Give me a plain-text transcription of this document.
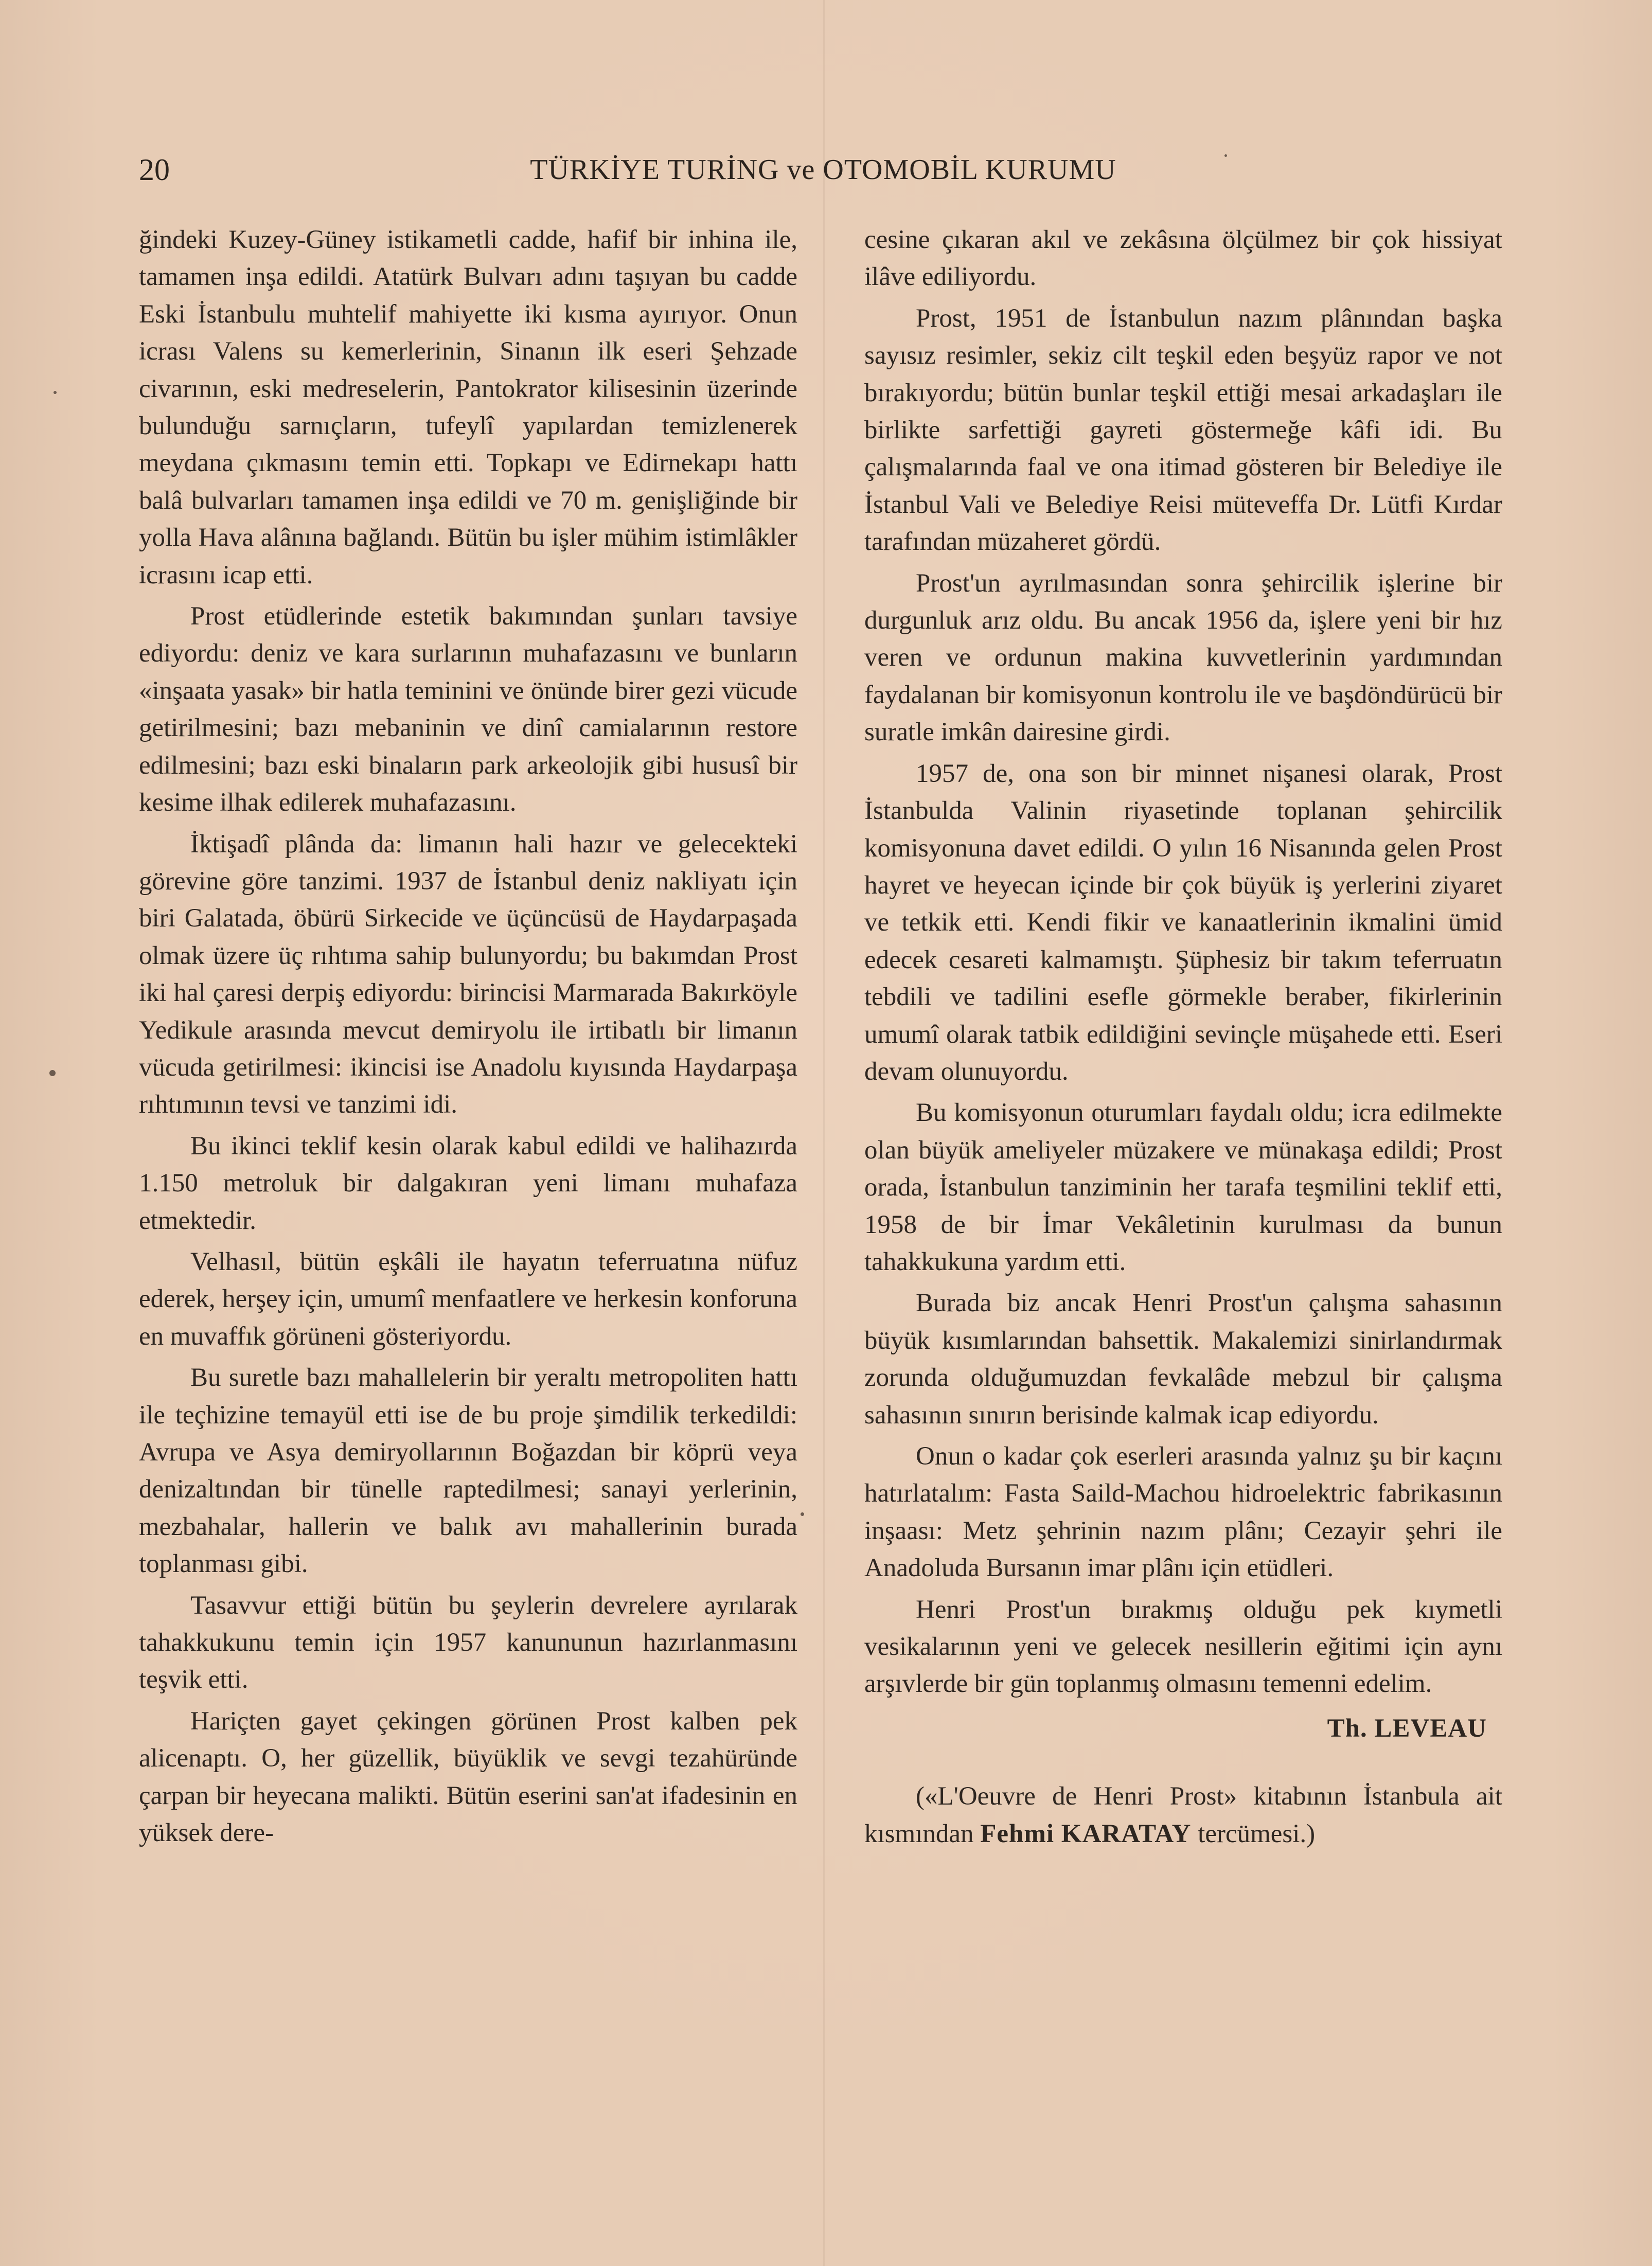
20	TÜRKİYE TURİNG ve OTOMOBİL KURUMU

ğindeki Kuzey-Güney istikametli cadde, hafif bir inhina ile, tamamen inşa edildi. Atatürk Bulvarı adını taşıyan bu cadde Eski İstanbulu muhtelif mahiyette iki kısma ayırıyor. Onun icrası Valens su kemerlerinin, Sinanın ilk eseri Şehzade civarının, eski medreselerin, Pantokrator kilisesinin üzerinde bulunduğu sarnıçların, tufeylî yapılardan temizlenerek meydana çıkmasını temin etti. Topkapı ve Edirnekapı hattı balâ bulvarları tamamen inşa edildi ve 70 m. genişliğinde bir yolla Hava alânına bağlandı. Bütün bu işler mühim istimlâkler icrasını icap etti.

Prost etüdlerinde estetik bakımından şunları tavsiye ediyordu: deniz ve kara surlarının muhafazasını ve bunların «inşaata yasak» bir hatla teminini ve önünde birer gezi vücude getirilmesini; bazı mebaninin ve dinî camialarının restore edilmesini; bazı eski binaların park arkeolojik gibi hususî bir kesime ilhak edilerek muhafazasını.

İktişadî plânda da: limanın hali hazır ve gelecekteki görevine göre tanzimi. 1937 de İstanbul deniz nakliyatı için biri Galatada, öbürü Sirkecide ve üçüncüsü de Haydarpaşada olmak üzere üç rıhtıma sahip bulunyordu; bu bakımdan Prost iki hal çaresi derpiş ediyordu: birincisi Marmarada Bakırköyle Yedikule arasında mevcut demiryolu ile irtibatlı bir limanın vücuda getirilmesi: ikincisi ise Anadolu kıyısında Haydarpaşa rıhtımının tevsi ve tanzimi idi.

Bu ikinci teklif kesin olarak kabul edildi ve halihazırda 1.150 metroluk bir dalgakıran yeni limanı muhafaza etmektedir.

Velhasıl, bütün eşkâli ile hayatın teferruatına nüfuz ederek, herşey için, umumî menfaatlere ve herkesin konforuna en muvaffık görüneni gösteriyordu.

Bu suretle bazı mahallelerin bir yeraltı metropoliten hattı ile teçhizine temayül etti ise de bu proje şimdilik terkedildi: Avrupa ve Asya demiryollarının Boğazdan bir köprü veya denizaltından bir tünelle raptedilmesi; sanayi yerlerinin, mezbahalar, hallerin ve balık avı mahallerinin burada toplanması gibi.

Tasavvur ettiği bütün bu şeylerin devrelere ayrılarak tahakkukunu temin için 1957 kanununun hazırlanmasını teşvik etti.

Hariçten gayet çekingen görünen Prost kalben pek alicenaptı. O, her güzellik, büyüklik ve sevgi tezahüründe çarpan bir heyecana malikti. Bütün eserini san'at ifadesinin en yüksek dere-

cesine çıkaran akıl ve zekâsına ölçülmez bir çok hissiyat ilâve ediliyordu.

Prost, 1951 de İstanbulun nazım plânından başka sayısız resimler, sekiz cilt teşkil eden beşyüz rapor ve not bırakıyordu; bütün bunlar teşkil ettiği mesai arkadaşları ile birlikte sarfettiği gayreti göstermeğe kâfi idi. Bu çalışmalarında faal ve ona itimad gösteren bir Belediye ile İstanbul Vali ve Belediye Reisi müteveffa Dr. Lütfi Kırdar tarafından müzaheret gördü.

Prost'un ayrılmasından sonra şehircilik işlerine bir durgunluk arız oldu. Bu ancak 1956 da, işlere yeni bir hız veren ve ordunun makina kuvvetlerinin yardımından faydalanan bir komisyonun kontrolu ile ve başdöndürücü bir suratle imkân dairesine girdi.

1957 de, ona son bir minnet nişanesi olarak, Prost İstanbulda Valinin riyasetinde toplanan şehircilik komisyonuna davet edildi. O yılın 16 Nisanında gelen Prost hayret ve heyecan içinde bir çok büyük iş yerlerini ziyaret ve tetkik etti. Kendi fikir ve kanaatlerinin ikmalini ümid edecek cesareti kalmamıştı. Şüphesiz bir takım teferruatın tebdili ve tadilini esefle görmekle beraber, fikirlerinin umumî olarak tatbik edildiğini sevinçle müşahede etti. Eseri devam olunuyordu.

Bu komisyonun oturumları faydalı oldu; icra edilmekte olan büyük ameliyeler müzakere ve münakaşa edildi; Prost orada, İstanbulun tanziminin her tarafa teşmilini teklif etti, 1958 de bir İmar Vekâletinin kurulması da bunun tahakkukuna yardım etti.

Burada biz ancak Henri Prost'un çalışma sahasının büyük kısımlarından bahsettik. Makalemizi sinirlandırmak zorunda olduğumuzdan fevkalâde mebzul bir çalışma sahasının sınırın berisinde kalmak icap ediyordu.

Onun o kadar çok eserleri arasında yalnız şu bir kaçını hatırlatalım: Fasta Saild-Machou hidroelektric fabrikasının inşaası: Metz şehrinin nazım plânı; Cezayir şehri ile Anadoluda Bursanın imar plânı için etüdleri.

Henri Prost'un bırakmış olduğu pek kıymetli vesikalarının yeni ve gelecek nesillerin eğitimi için aynı arşıvlerde bir gün toplanmış olmasını temenni edelim.

Th. LEVEAU

(«L'Oeuvre de Henri Prost» kitabının İstanbula ait kısmından Fehmi KARATAY tercümesi.)
